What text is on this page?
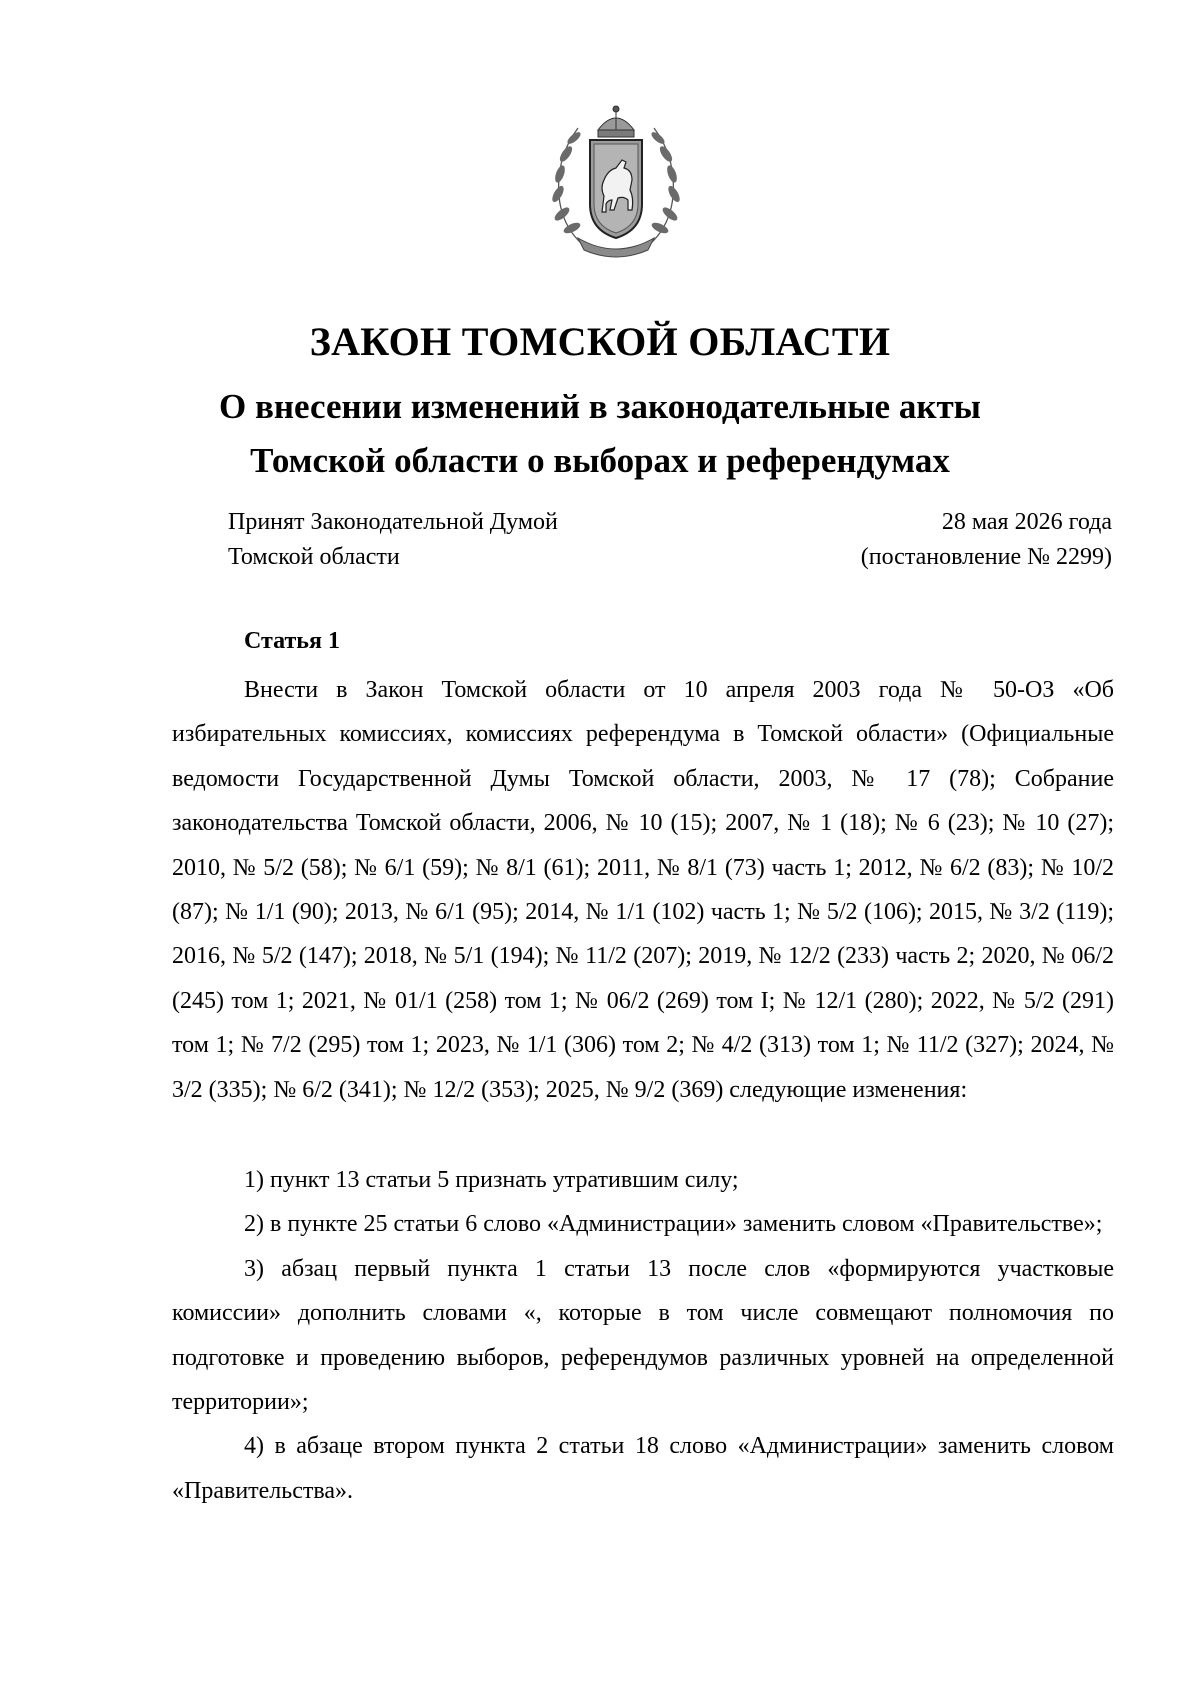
ЗАКОН ТОМСКОЙ ОБЛАСТИ
О внесении изменений в законодательные акты
Томской области о выборах и референдумах
Принят Законодательной Думой
Томской области
28 мая 2026 года
(постановление № 2299)
Статья 1

Внести в Закон Томской области от 10 апреля 2003 года № 50-ОЗ «Об избирательных комиссиях, комиссиях референдума в Томской области» (Официальные ведомости Государственной Думы Томской области, 2003, № 17 (78); Собрание законодательства Томской области, 2006, № 10 (15); 2007, № 1 (18); № 6 (23); № 10 (27); 2010, № 5/2 (58); № 6/1 (59); № 8/1 (61); 2011, № 8/1 (73) часть 1; 2012, № 6/2 (83); № 10/2 (87); № 1/1 (90); 2013, № 6/1 (95); 2014, № 1/1 (102) часть 1; № 5/2 (106); 2015, № 3/2 (119); 2016, № 5/2 (147); 2018, № 5/1 (194); № 11/2 (207); 2019, № 12/2 (233) часть 2; 2020, № 06/2 (245) том 1; 2021, № 01/1 (258) том 1; № 06/2 (269) том I; № 12/1 (280); 2022, № 5/2 (291) том 1; № 7/2 (295) том 1; 2023, № 1/1 (306) том 2; № 4/2 (313) том 1; № 11/2 (327); 2024, № 3/2 (335); № 6/2 (341); № 12/2 (353); 2025, № 9/2 (369) следующие изменения:

1) пункт 13 статьи 5 признать утратившим силу;

2) в пункте 25 статьи 6 слово «Администрации» заменить словом «Правительстве»;

3) абзац первый пункта 1 статьи 13 после слов «формируются участковые комиссии» дополнить словами «, которые в том числе совмещают полномочия по подготовке и проведению выборов, референдумов различных уровней на определенной территории»;

4) в абзаце втором пункта 2 статьи 18 слово «Администрации» заменить словом «Правительства».
